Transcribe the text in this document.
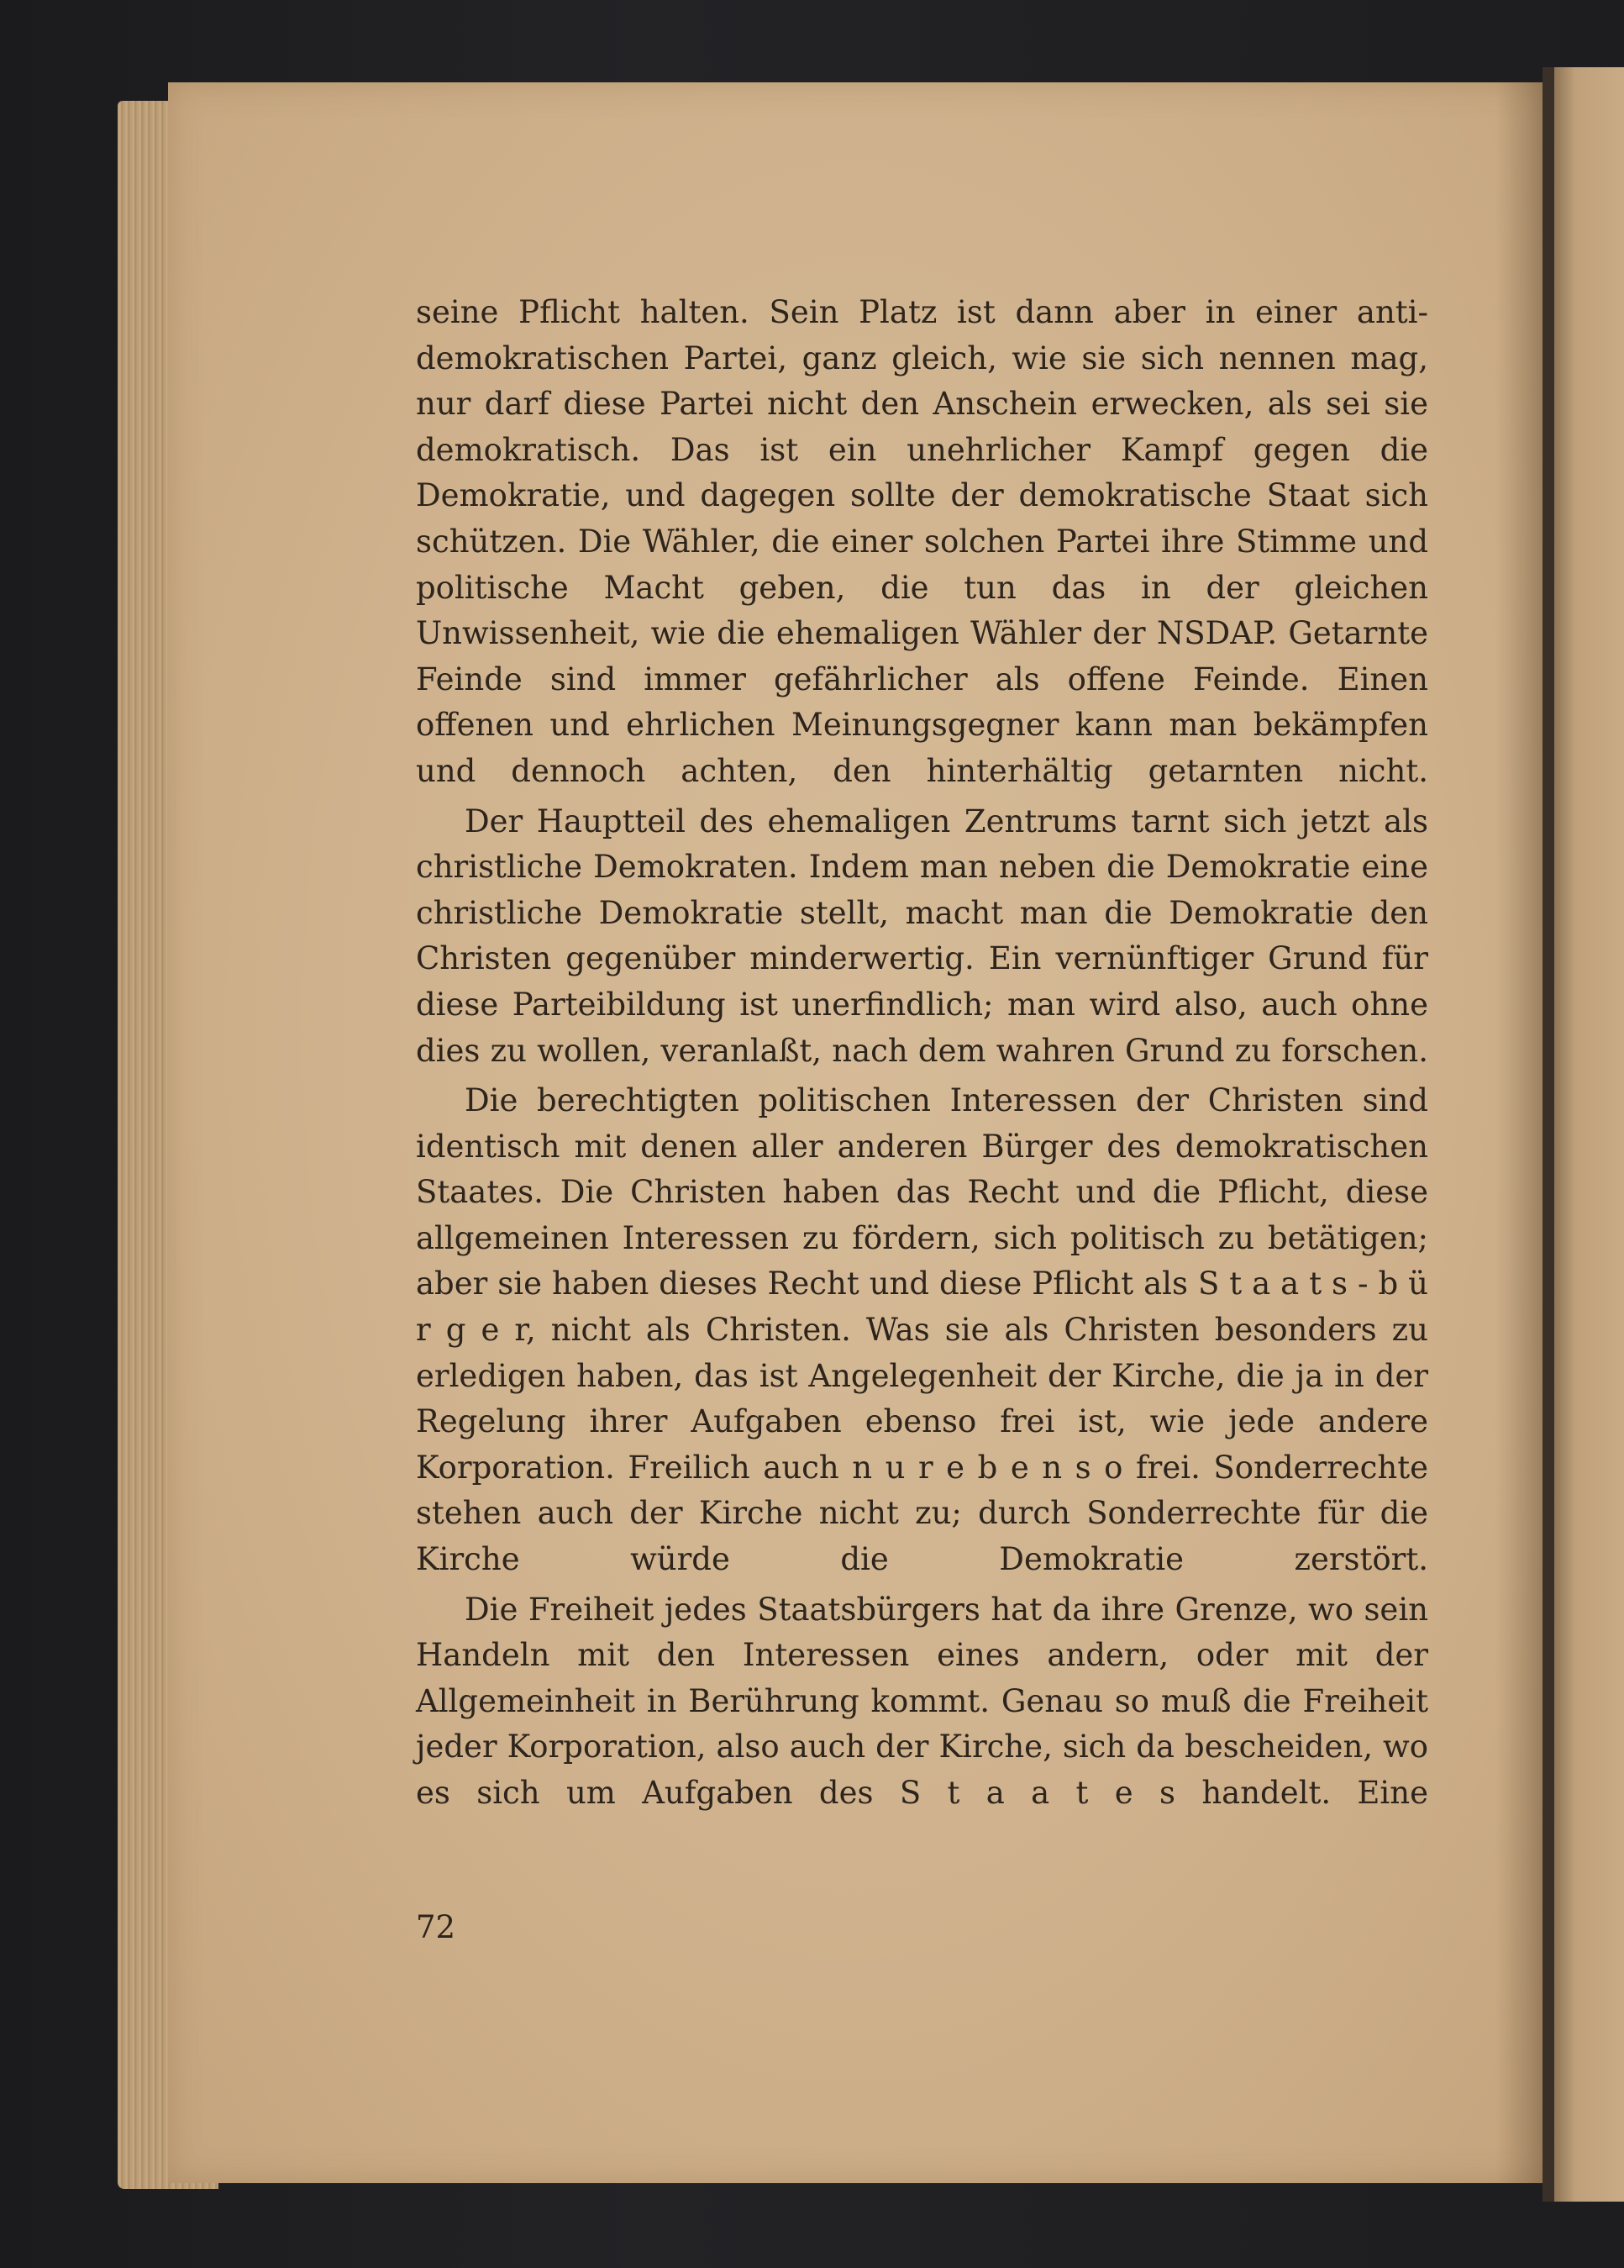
seine Pflicht halten. Sein Platz ist dann aber in einer anti-demokratischen Partei, ganz gleich, wie sie sich nennen mag, nur darf diese Partei nicht den Anschein erwecken, als sei sie demokratisch. Das ist ein unehrlicher Kampf gegen die Demokratie, und dagegen sollte der demokratische Staat sich schützen. Die Wähler, die einer solchen Partei ihre Stimme und politische Macht geben, die tun das in der gleichen Unwissenheit, wie die ehemaligen Wähler der NSDAP. Getarnte Feinde sind immer gefährlicher als offene Feinde. Einen offenen und ehrlichen Meinungsgegner kann man bekämpfen und dennoch achten, den hinterhältig getarnten nicht.

Der Hauptteil des ehemaligen Zentrums tarnt sich jetzt als christliche Demokraten. Indem man neben die Demokratie eine christliche Demokratie stellt, macht man die Demokratie den Christen gegenüber minderwertig. Ein vernünftiger Grund für diese Parteibildung ist unerfindlich; man wird also, auch ohne dies zu wollen, veranlaßt, nach dem wahren Grund zu forschen.

Die berechtigten politischen Interessen der Christen sind identisch mit denen aller anderen Bürger des demokratischen Staates. Die Christen haben das Recht und die Pflicht, diese allgemeinen Interessen zu fördern, sich politisch zu betätigen; aber sie haben dieses Recht und diese Pflicht als S t a a t s - b ü r g e r, nicht als Christen. Was sie als Christen besonders zu erledigen haben, das ist Angelegenheit der Kirche, die ja in der Regelung ihrer Aufgaben ebenso frei ist, wie jede andere Korporation. Freilich auch n u r e b e n s o frei. Sonderrechte stehen auch der Kirche nicht zu; durch Sonderrechte für die Kirche würde die Demokratie zerstört.

Die Freiheit jedes Staatsbürgers hat da ihre Grenze, wo sein Handeln mit den Interessen eines andern, oder mit der Allgemeinheit in Berührung kommt. Genau so muß die Freiheit jeder Korporation, also auch der Kirche, sich da bescheiden, wo es sich um Aufgaben des S t a a t e s handelt. Eine

72
